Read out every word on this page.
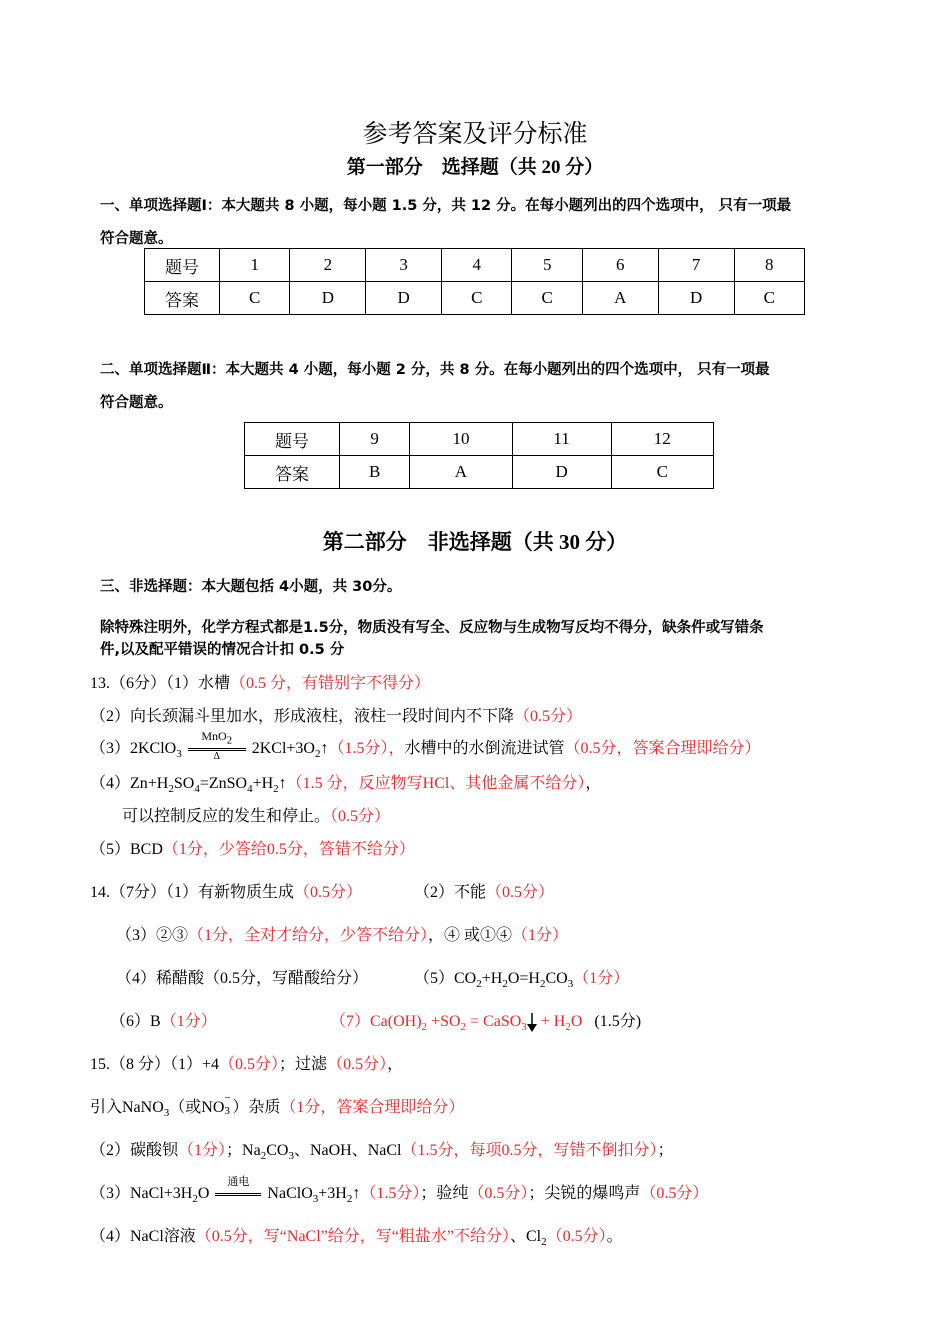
参考答案及评分标准
第一部分　选择题（共 20 分）
一、单项选择题Ⅰ：本大题共 8 小题，每小题 1.5 分，共 12 分。在每小题列出的四个选项中， 只有一项最
符合题意。
题号	1	2	3	4	5	6	7	8
答案	C	D	D	C	C	A	D	C
二、单项选择题Ⅱ：本大题共 4 小题，每小题 2 分，共 8 分。在每小题列出的四个选项中， 只有一项最
符合题意。
题号	9	10	11	12
答案	B	A	D	C
第二部分　非选择题（共 30 分）
三、非选择题：本大题包括 4小题，共 30分。
除特殊注明外，化学方程式都是1.5分，物质没有写全、反应物与生成物写反均不得分，缺条件或写错条
件,以及配平错误的情况合计扣 0.5 分
13.（6分）（1）水槽（0.5 分，有错别字不得分）
（2）向长颈漏斗里加水，形成液柱，液柱一段时间内不下降（0.5分）
（3）2KClO$_3$ $\frac{MnO_2}{\Delta}$ $2KCl+3O_2↑(1.5$分），水槽中的水倒流进试管（0.5分，答案合理即给分）
$(4)Zn+H_2SO_4=ZnSO_4+H_2↑(1.5$ 分，反应物写HCl、其他金属不给分），
可以控制反应的发生和停止。（0.5分）
（5）BCD（1分，少答给0.5分，答错不给分）
14.（7分）（1）有新物质生成（0.5分）	（2）不能（0.5分）
（3）②③（1分，全对才给分，少答不给分），④ 或①④（1分）
（4）稀醋酸（0.5分，写醋酸给分）	$(5)CO_2+H_2O=H_2CO_3(1$分）
（6）B（1分）	$(7)Ca(OH)_2 +SO_2$ = CaSO$_3$ + $H_2O$ (1.5分)
15.（8 分）（1）+4（0.5分）；过滤（0.5分），
引入NaNO$_3$（或NO
−
3 ）杂质（1分，答案合理即给分）
（2）碳酸钡（1分）；$Na_2CO_3$、NaOH、NaCl（1.5分，每项0.5分，写错不倒扣分）；
$(3)NaCl+3H_2O$
通电
$NaClO_3+3H_2↑(1.5$分）；验纯（0.5分）；尖锐的爆鸣声（0.5分）
（4）NaCl溶液（0.5分，写“NaCl”给分，写“粗盐水”不给分）、$Cl_2(0.5$分）。
